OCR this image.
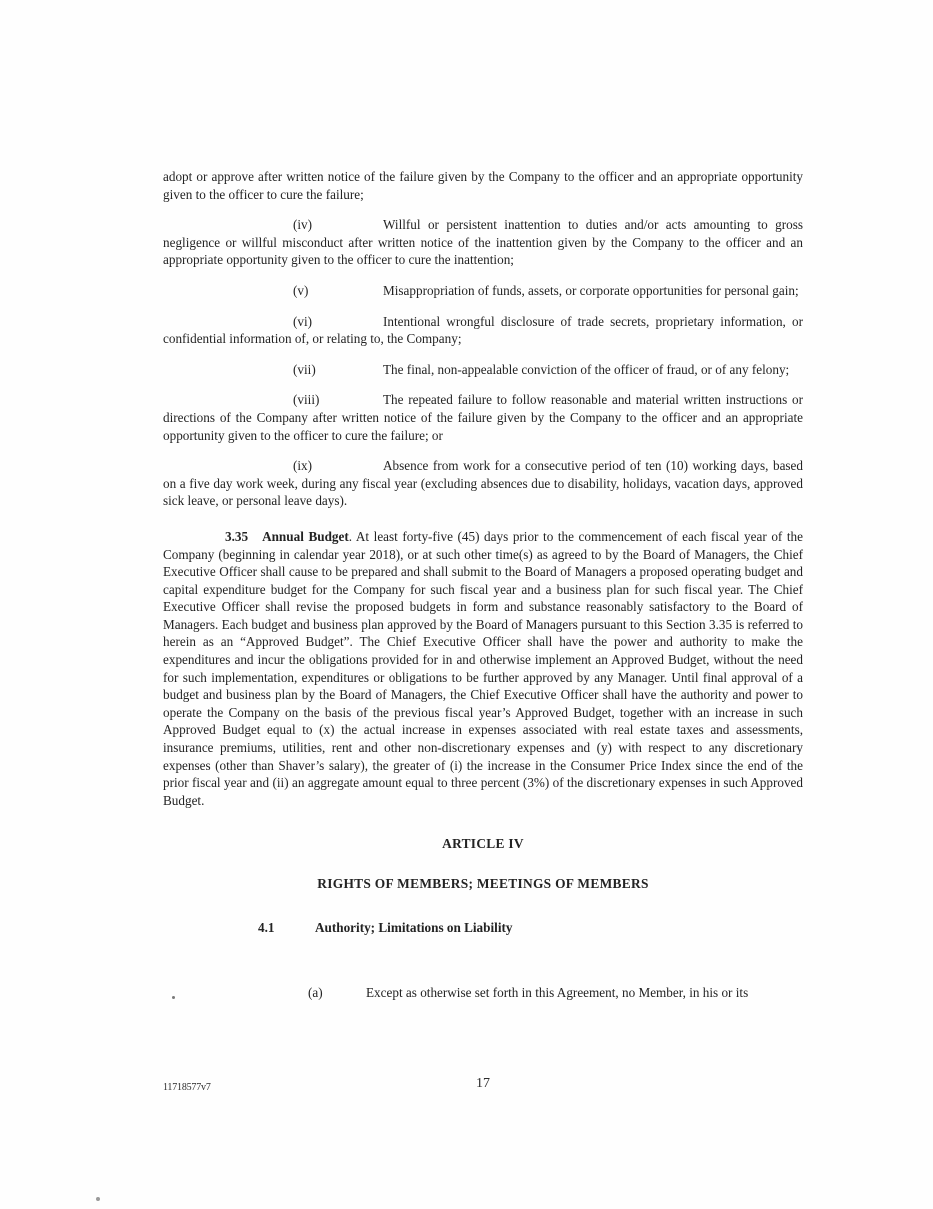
adopt or approve after written notice of the failure given by the Company to the officer and an appropriate opportunity given to the officer to cure the failure;

(iv)	Willful or persistent inattention to duties and/or acts amounting to gross negligence or willful misconduct after written notice of the inattention given by the Company to the officer and an appropriate opportunity given to the officer to cure the inattention;

(v)	Misappropriation of funds, assets, or corporate opportunities for personal gain;

(vi)	Intentional wrongful disclosure of trade secrets, proprietary information, or confidential information of, or relating to, the Company;

(vii)	The final, non-appealable conviction of the officer of fraud, or of any felony;

(viii)	The repeated failure to follow reasonable and material written instructions or directions of the Company after written notice of the failure given by the Company to the officer and an appropriate opportunity given to the officer to cure the failure; or

(ix)	Absence from work for a consecutive period of ten (10) working days, based on a five day work week, during any fiscal year (excluding absences due to disability, holidays, vacation days, approved sick leave, or personal leave days).

3.35 Annual Budget. At least forty-five (45) days prior to the commencement of each fiscal year of the Company (beginning in calendar year 2018), or at such other time(s) as agreed to by the Board of Managers, the Chief Executive Officer shall cause to be prepared and shall submit to the Board of Managers a proposed operating budget and capital expenditure budget for the Company for such fiscal year and a business plan for such fiscal year. The Chief Executive Officer shall revise the proposed budgets in form and substance reasonably satisfactory to the Board of Managers. Each budget and business plan approved by the Board of Managers pursuant to this Section 3.35 is referred to herein as an “Approved Budget”. The Chief Executive Officer shall have the power and authority to make the expenditures and incur the obligations provided for in and otherwise implement an Approved Budget, without the need for such implementation, expenditures or obligations to be further approved by any Manager. Until final approval of a budget and business plan by the Board of Managers, the Chief Executive Officer shall have the authority and power to operate the Company on the basis of the previous fiscal year’s Approved Budget, together with an increase in such Approved Budget equal to (x) the actual increase in expenses associated with real estate taxes and assessments, insurance premiums, utilities, rent and other non-discretionary expenses and (y) with respect to any discretionary expenses (other than Shaver’s salary), the greater of (i) the increase in the Consumer Price Index since the end of the prior fiscal year and (ii) an aggregate amount equal to three percent (3%) of the discretionary expenses in such Approved Budget.

ARTICLE IV

RIGHTS OF MEMBERS; MEETINGS OF MEMBERS

4.1	Authority; Limitations on Liability

(a)	Except as otherwise set forth in this Agreement, no Member, in his or its

11718577v7	17
